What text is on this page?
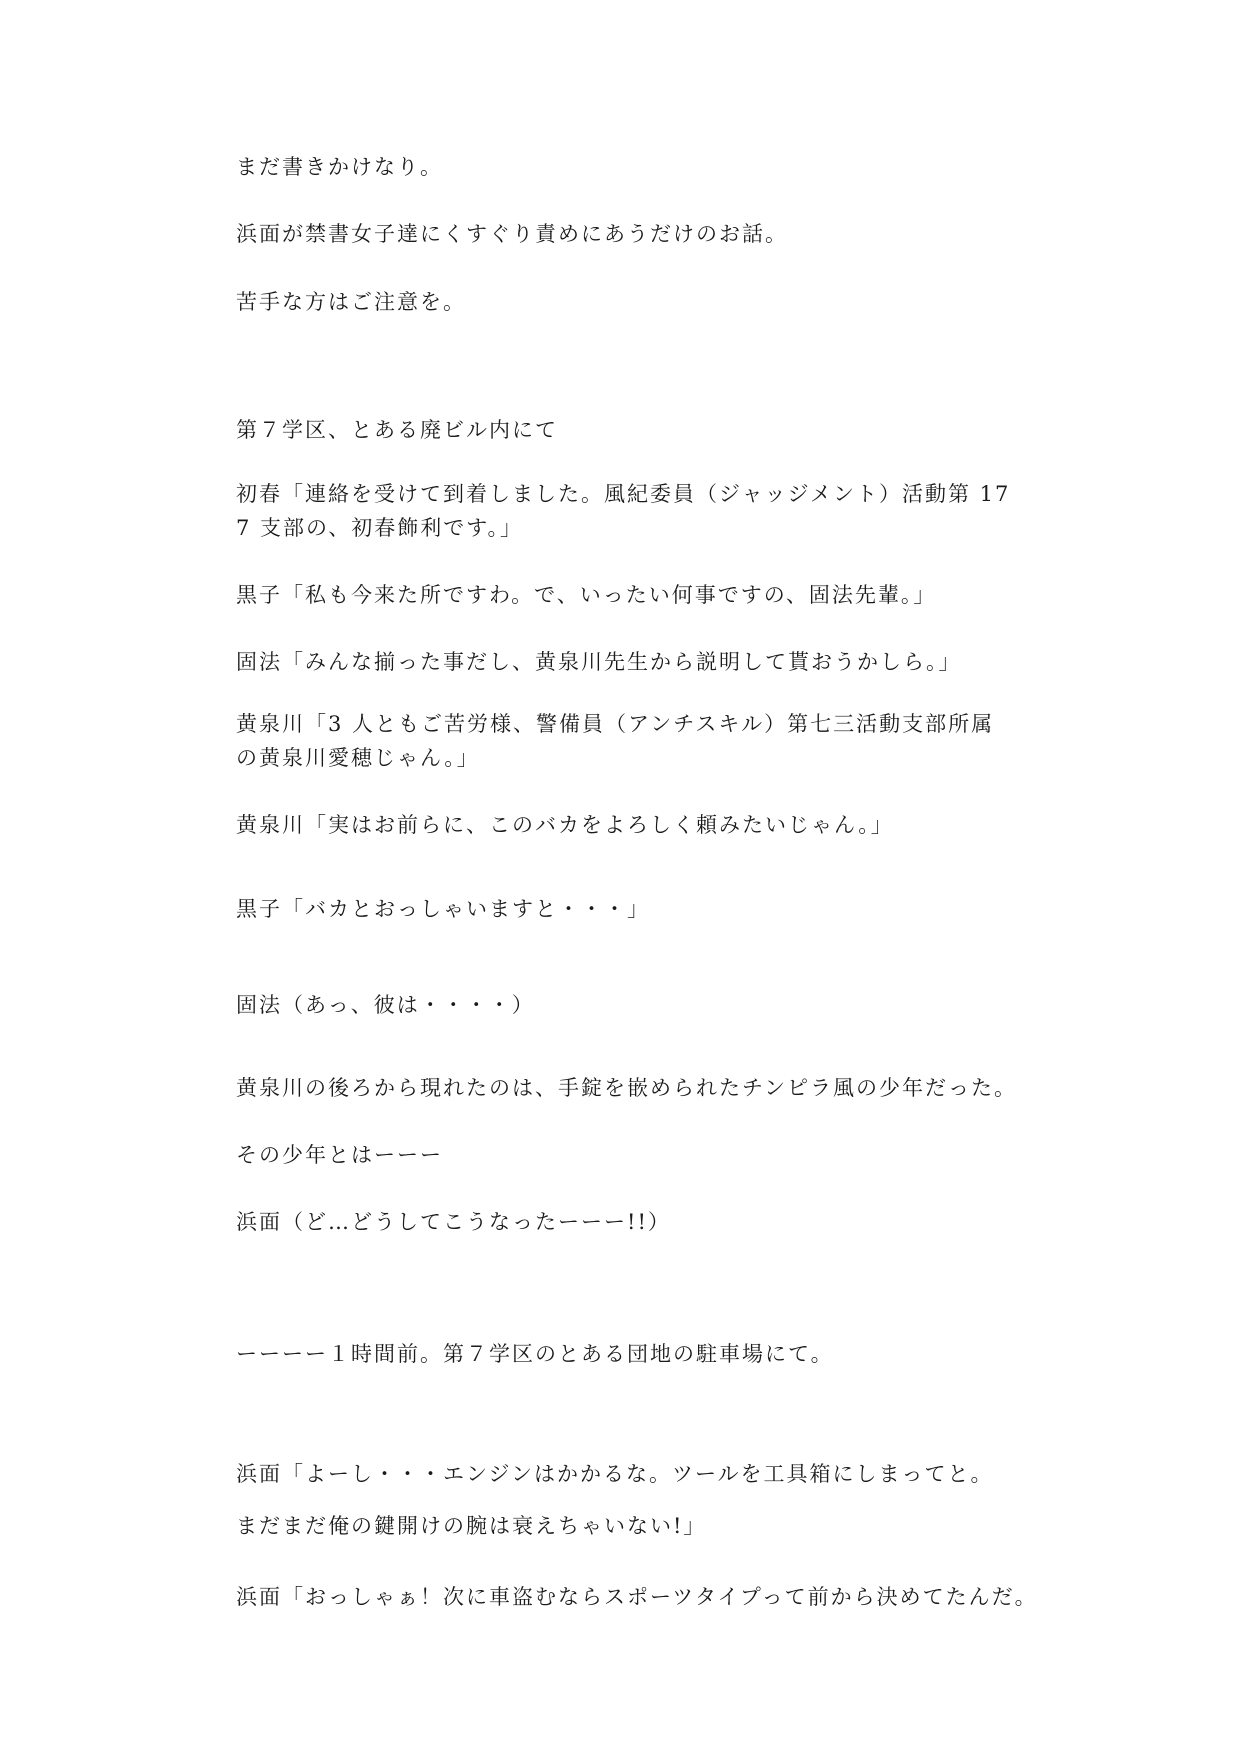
まだ書きかけなり。
浜面が禁書女子達にくすぐり責めにあうだけのお話。
苦手な方はご注意を。
第７学区、とある廃ビル内にて
初春「連絡を受けて到着しました。風紀委員（ジャッジメント）活動第 177 支部の、初春飾利です。」
黒子「私も今来た所ですわ。で、いったい何事ですの、固法先輩。」
固法「みんな揃った事だし、黄泉川先生から説明して貰おうかしら。」
黄泉川「3 人ともご苦労様、警備員（アンチスキル）第七三活動支部所属の黄泉川愛穂じゃん。」
黄泉川「実はお前らに、このバカをよろしく頼みたいじゃん。」
黒子「バカとおっしゃいますと・・・」
固法（あっ、彼は・・・・）
黄泉川の後ろから現れたのは、手錠を嵌められたチンピラ風の少年だった。
その少年とはーーー
浜面（ど…どうしてこうなったーーー!!）
ーーーー１時間前。第７学区のとある団地の駐車場にて。
浜面「よーし・・・エンジンはかかるな。ツールを工具箱にしまってと。まだまだ俺の鍵開けの腕は衰えちゃいない!」
浜面「おっしゃぁ！次に車盗むならスポーツタイプって前から決めてたんだ。
